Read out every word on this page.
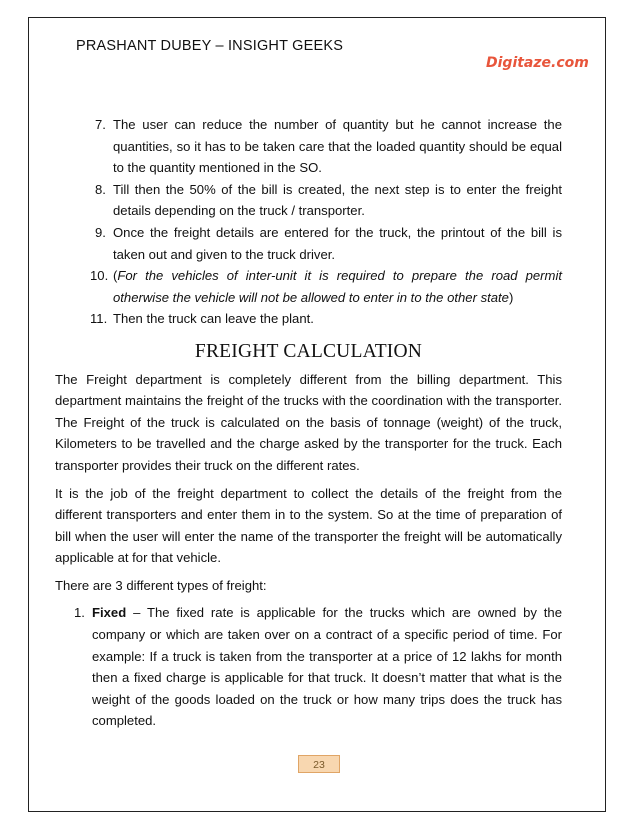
PRASHANT DUBEY – INSIGHT GEEKS
Digitaze.com
7. The user can reduce the number of quantity but he cannot increase the quantities, so it has to be taken care that the loaded quantity should be equal to the quantity mentioned in the SO.
8. Till then the 50% of the bill is created, the next step is to enter the freight details depending on the truck / transporter.
9. Once the freight details are entered for the truck, the printout of the bill is taken out and given to the truck driver.
10. (For the vehicles of inter-unit it is required to prepare the road permit otherwise the vehicle will not be allowed to enter in to the other state)
11. Then the truck can leave the plant.
FREIGHT CALCULATION

The Freight department is completely different from the billing department. This department maintains the freight of the trucks with the coordination with the transporter. The Freight of the truck is calculated on the basis of tonnage (weight) of the truck, Kilometers to be travelled and the charge asked by the transporter for the truck. Each transporter provides their truck on the different rates.

It is the job of the freight department to collect the details of the freight from the different transporters and enter them in to the system. So at the time of preparation of bill when the user will enter the name of the transporter the freight will be automatically applicable at for that vehicle.

There are 3 different types of freight:

1. Fixed – The fixed rate is applicable for the trucks which are owned by the company or which are taken over on a contract of a specific period of time. For example: If a truck is taken from the transporter at a price of 12 lakhs for month then a fixed charge is applicable for that truck. It doesn’t matter that what is the weight of the goods loaded on the truck or how many trips does the truck has completed.
23
